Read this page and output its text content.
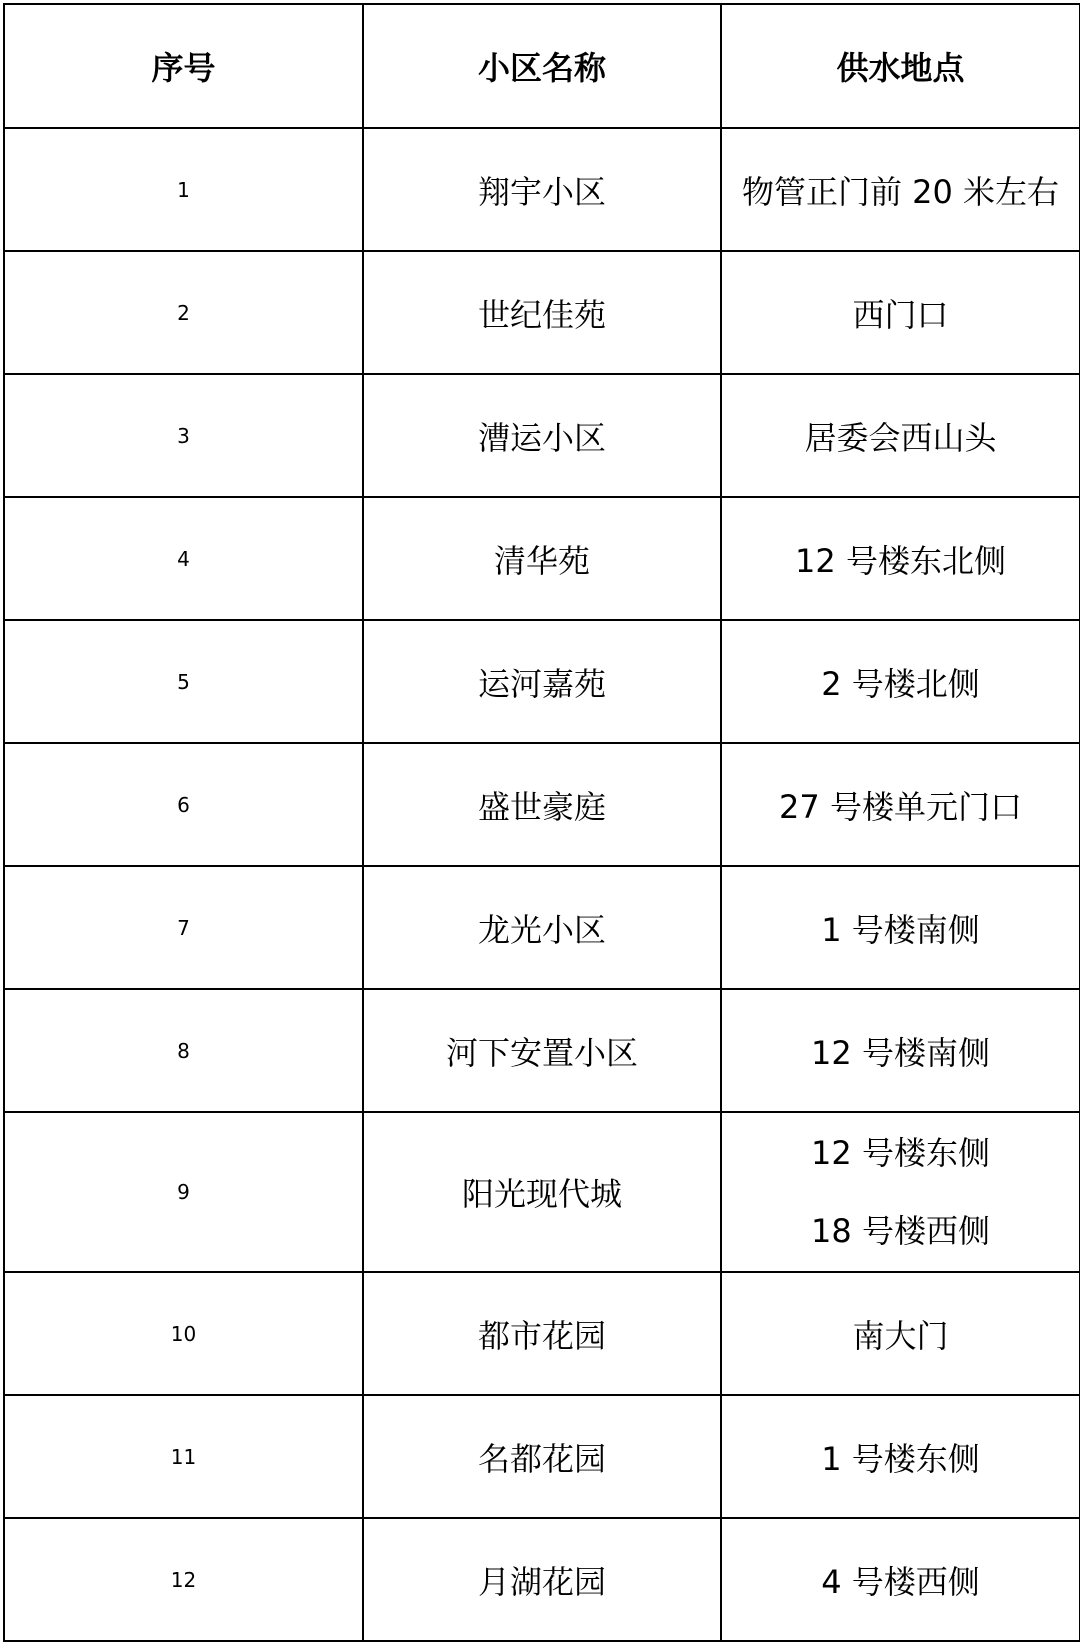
序号	小区名称	供水地点
1	翔宇小区	物管正门前 20 米左右
2	世纪佳苑	西门口
3	漕运小区	居委会西山头
4	清华苑	12 号楼东北侧
5	运河嘉苑	2 号楼北侧
6	盛世豪庭	27 号楼单元门口
7	龙光小区	1 号楼南侧
8	河下安置小区	12 号楼南侧
9	阳光现代城	12 号楼东侧
18 号楼西侧

10	都市花园	南大门
11	名都花园	1 号楼东侧
12	月湖花园	4 号楼西侧
